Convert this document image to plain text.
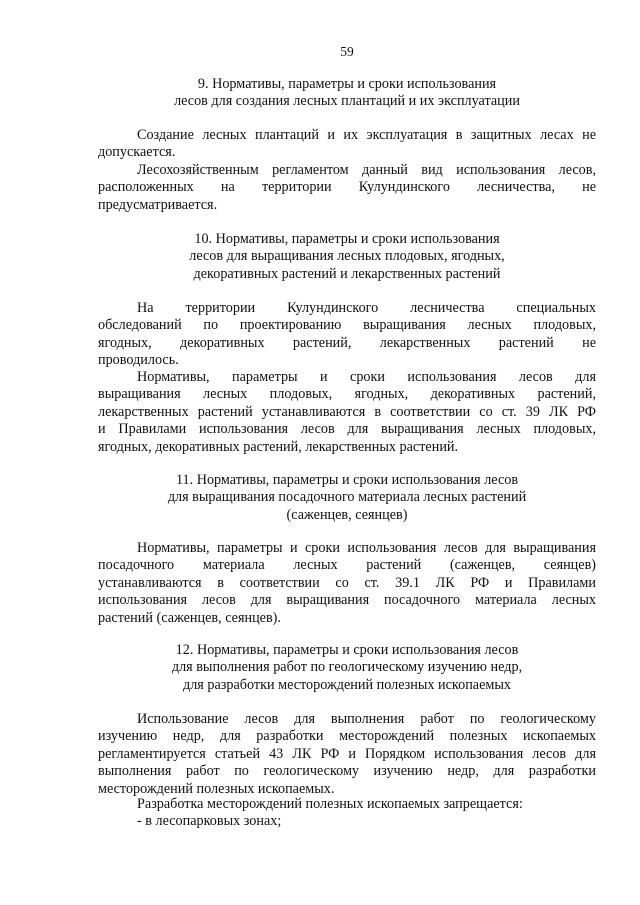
59
9. Нормативы, параметры и сроки использования
лесов для создания лесных плантаций и их эксплуатации
Создание лесных плантаций и их эксплуатация в защитных лесах не
допускается.
Лесохозяйственным регламентом данный вид использования лесов,
расположенных на территории Кулундинского лесничества, не
предусматривается.
10. Нормативы, параметры и сроки использования
лесов для выращивания лесных плодовых, ягодных,
декоративных растений и лекарственных растений
На территории Кулундинского лесничества специальных
обследований по проектированию выращивания лесных плодовых,
ягодных, декоративных растений, лекарственных растений не
проводилось.
Нормативы, параметры и сроки использования лесов для
выращивания лесных плодовых, ягодных, декоративных растений,
лекарственных растений устанавливаются в соответствии со ст. 39 ЛК РФ
и Правилами использования лесов для выращивания лесных плодовых,
ягодных, декоративных растений, лекарственных растений.
11. Нормативы, параметры и сроки использования лесов
для выращивания посадочного материала лесных растений
(саженцев, сеянцев)
Нормативы, параметры и сроки использования лесов для выращивания
посадочного материала лесных растений (саженцев, сеянцев)
устанавливаются в соответствии со ст. 39.1 ЛК РФ и Правилами
использования лесов для выращивания посадочного материала лесных
растений (саженцев, сеянцев).
12. Нормативы, параметры и сроки использования лесов
для выполнения работ по геологическому изучению недр,
для разработки месторождений полезных ископаемых
Использование лесов для выполнения работ по геологическому
изучению недр, для разработки месторождений полезных ископаемых
регламентируется статьей 43 ЛК РФ и Порядком использования лесов для
выполнения работ по геологическому изучению недр, для разработки
месторождений полезных ископаемых.
Разработка месторождений полезных ископаемых запрещается:
- в лесопарковых зонах;
